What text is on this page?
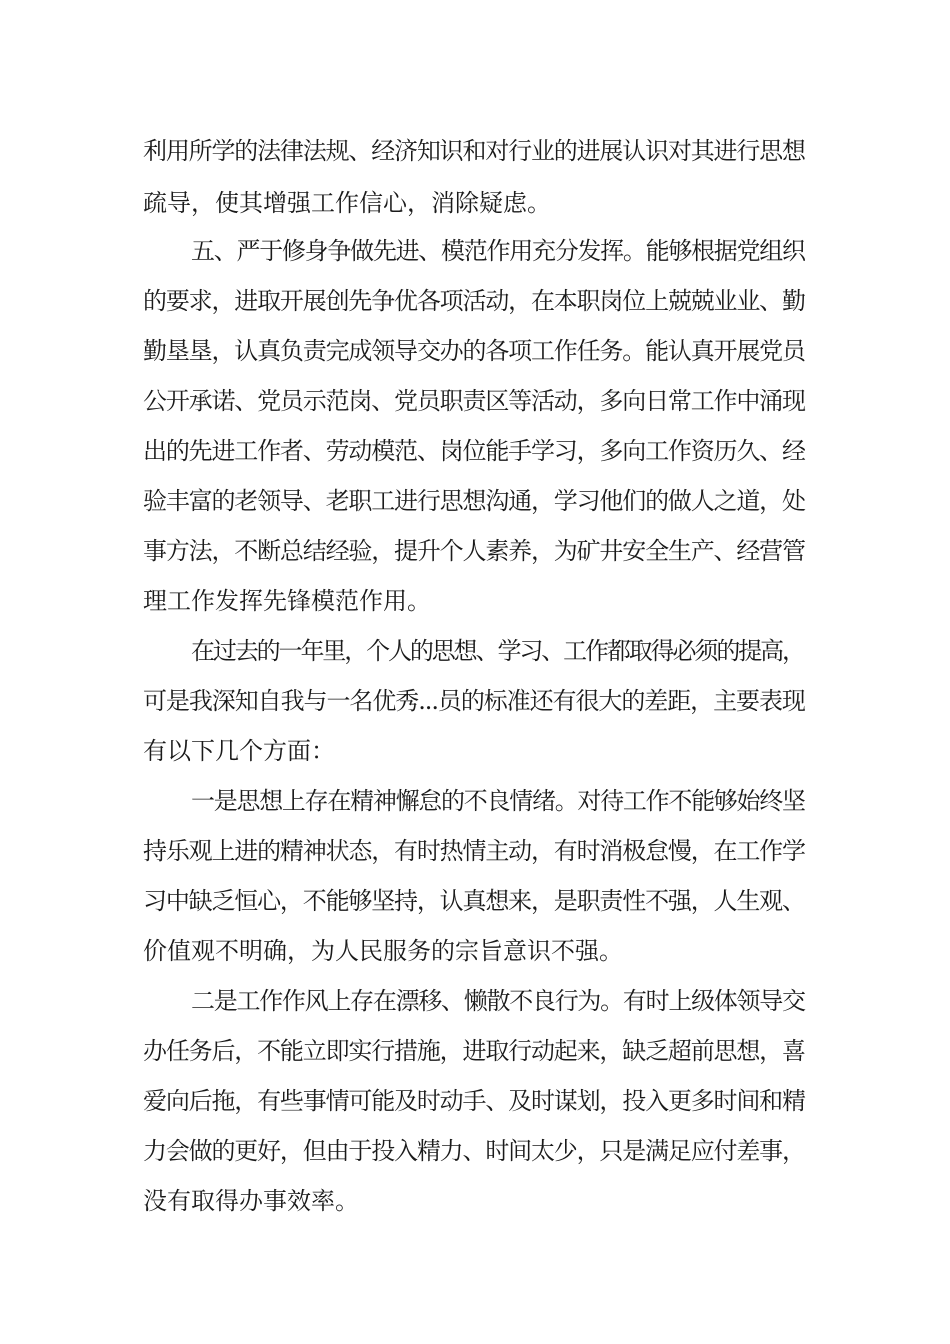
利用所学的法律法规、经济知识和对行业的进展认识对其进行思想
疏导，使其增强工作信心，消除疑虑。
五、严于修身争做先进、模范作用充分发挥。能够根据党组织
的要求，进取开展创先争优各项活动，在本职岗位上兢兢业业、勤
勤垦垦，认真负责完成领导交办的各项工作任务。能认真开展党员
公开承诺、党员示范岗、党员职责区等活动，多向日常工作中涌现
出的先进工作者、劳动模范、岗位能手学习，多向工作资历久、经
验丰富的老领导、老职工进行思想沟通，学习他们的做人之道，处
事方法，不断总结经验，提升个人素养，为矿井安全生产、经营管
理工作发挥先锋模范作用。
在过去的一年里，个人的思想、学习、工作都取得必须的提高，
可是我深知自我与一名优秀...员的标准还有很大的差距，主要表现
有以下几个方面：
一是思想上存在精神懈怠的不良情绪。对待工作不能够始终坚
持乐观上进的精神状态，有时热情主动，有时消极怠慢，在工作学
习中缺乏恒心，不能够坚持，认真想来，是职责性不强，人生观、
价值观不明确，为人民服务的宗旨意识不强。
二是工作作风上存在漂移、懒散不良行为。有时上级体领导交
办任务后，不能立即实行措施，进取行动起来，缺乏超前思想，喜
爱向后拖，有些事情可能及时动手、及时谋划，投入更多时间和精
力会做的更好，但由于投入精力、时间太少，只是满足应付差事，
没有取得办事效率。
